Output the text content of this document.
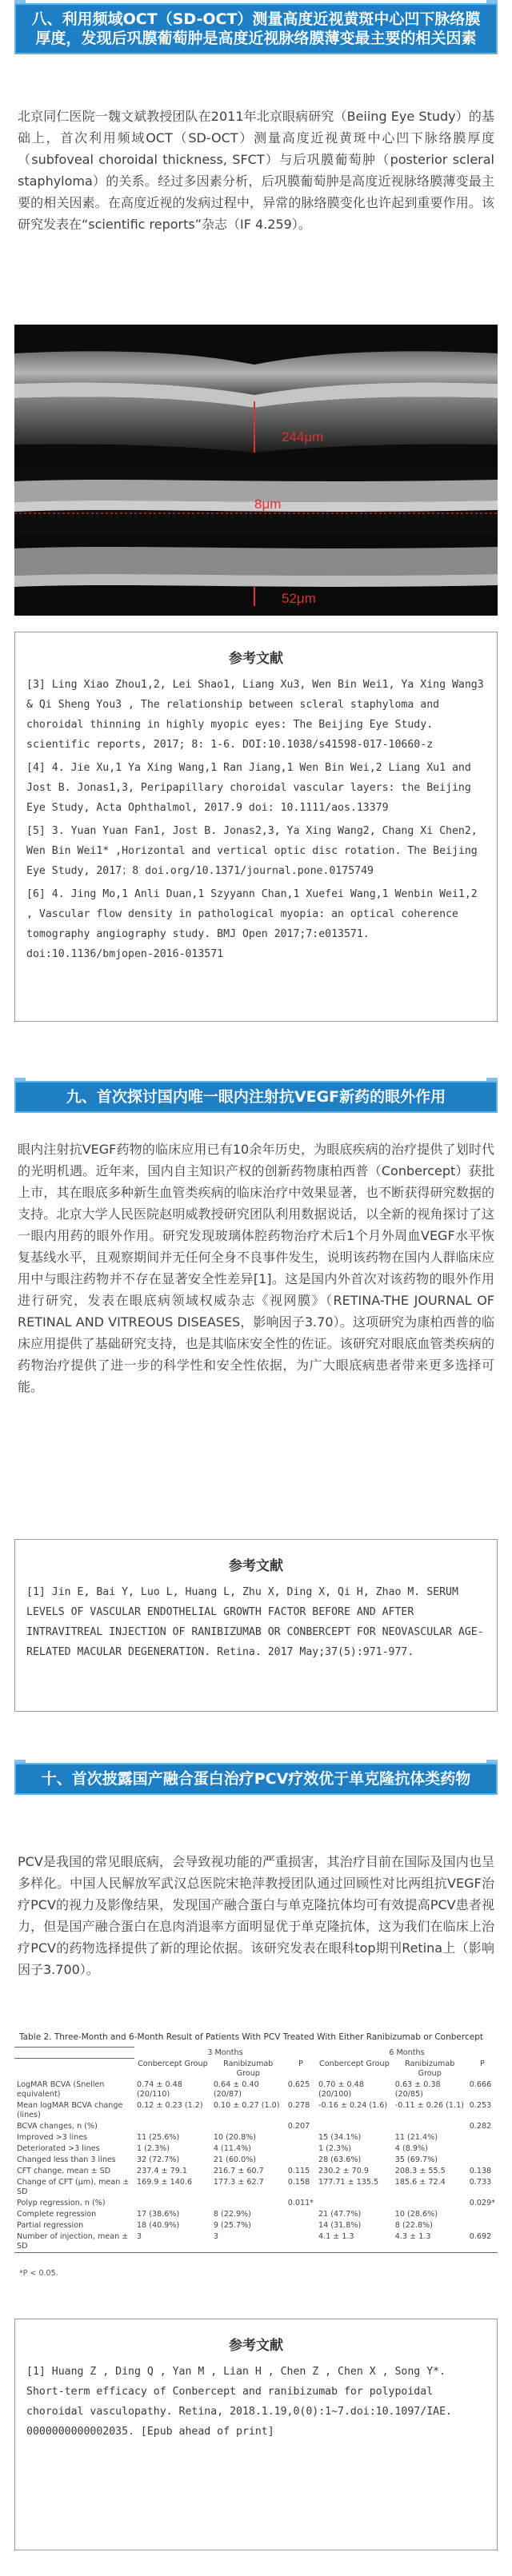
八、利用频域OCT（SD-OCT）测量高度近视黄斑中心凹下脉络膜厚度，发现后巩膜葡萄肿是高度近视脉络膜薄变最主要的相关因素
北京同仁医院一魏文斌教授团队在2011年北京眼病研究（Beiing Eye Study）的基础上，首次利用频域OCT（SD-OCT）测量高度近视黄斑中心凹下脉络膜厚度（subfoveal choroidal thickness, SFCT）与后巩膜葡萄肿（posterior scleral staphyloma）的关系。经过多因素分析，后巩膜葡萄肿是高度近视脉络膜薄变最主要的相关因素。在高度近视的发病过程中，异常的脉络膜变化也许起到重要作用。该研究发表在“scientific reports”杂志（IF 4.259）。
244μm
8μm
52μm
参考文献
[3] Ling Xiao Zhou1,2, Lei Shao1, Liang Xu3, Wen Bin Wei1, Ya Xing Wang3 & Qi Sheng You3 , The relationship between scleral staphyloma and choroidal thinning in highly myopic eyes: The Beijing Eye Study. scientific reports, 2017; 8: 1-6. DOI:10.1038/s41598-017-10660-z
[4] 4. Jie Xu,1 Ya Xing Wang,1 Ran Jiang,1 Wen Bin Wei,2 Liang Xu1 and Jost B. Jonas1,3, Peripapillary choroidal vascular layers: the Beijing Eye Study, Acta Ophthalmol, 2017.9 doi: 10.1111/aos.13379
[5] 3. Yuan Yuan Fan1, Jost B. Jonas2,3, Ya Xing Wang2, Chang Xi Chen2, Wen Bin Wei1* ,Horizontal and vertical optic disc rotation. The Beijing Eye Study, 2017；8 doi.org/10.1371/journal.pone.0175749
[6] 4. Jing Mo,1 Anli Duan,1 Szyyann Chan,1 Xuefei Wang,1 Wenbin Wei1,2 , Vascular flow density in pathological myopia: an optical coherence tomography angiography study. BMJ Open 2017;7:e013571. doi:10.1136/bmjopen-2016-013571
九、首次探讨国内唯一眼内注射抗VEGF新药的眼外作用
眼内注射抗VEGF药物的临床应用已有10余年历史，为眼底疾病的治疗提供了划时代的光明机遇。近年来，国内自主知识产权的创新药物康柏西普（Conbercept）获批上市，其在眼底多种新生血管类疾病的临床治疗中效果显著，也不断获得研究数据的支持。北京大学人民医院赵明威教授研究团队利用数据说话，以全新的视角探讨了这一眼内用药的眼外作用。研究发现玻璃体腔药物治疗术后1个月外周血VEGF水平恢复基线水平，且观察期间并无任何全身不良事件发生，说明该药物在国内人群临床应用中与眼注药物并不存在显著安全性差异[1]。这是国内外首次对该药物的眼外作用进行研究，发表在眼底病领域权威杂志《视网膜》（RETINA-THE JOURNAL OF RETINAL AND VITREOUS DISEASES，影响因子3.70）。这项研究为康柏西普的临床应用提供了基础研究支持，也是其临床安全性的佐证。该研究对眼底血管类疾病的药物治疗提供了进一步的科学性和安全性依据，为广大眼底病患者带来更多选择可能。
参考文献
[1] Jin E, Bai Y, Luo L, Huang L, Zhu X, Ding X, Qi H, Zhao M. SERUM LEVELS OF VASCULAR ENDOTHELIAL GROWTH FACTOR BEFORE AND AFTER INTRAVITREAL INJECTION OF RANIBIZUMAB OR CONBERCEPT FOR NEOVASCULAR AGE-RELATED MACULAR DEGENERATION. Retina. 2017 May;37(5):971-977.
十、首次披露国产融合蛋白治疗PCV疗效优于单克隆抗体类药物
PCV是我国的常见眼底病，会导致视功能的严重损害，其治疗目前在国际及国内也呈多样化。中国人民解放军武汉总医院宋艳萍教授团队通过回顾性对比两组抗VEGF治疗PCV的视力及影像结果，发现国产融合蛋白与单克隆抗体均可有效提高PCV患者视力，但是国产融合蛋白在息肉消退率方面明显优于单克隆抗体，这为我们在临床上治疗PCV的药物选择提供了新的理论依据。该研究发表在眼科top期刊Retina上（影响因子3.700）。
Table 2. Three-Month and 6-Month Result of Patients With PCV Treated With Either Ranibizumab or Conbercept
	3 Months			6 Months		
	Conbercept Group	Ranibizumab Group	P	Conbercept Group	Ranibizumab Group	P
LogMAR BCVA (Snellen equivalent)	0.74 ± 0.48 (20/110)	0.64 ± 0.40 (20/87)	0.625	0.70 ± 0.48 (20/100)	0.63 ± 0.38 (20/85)	0.666
Mean logMAR BCVA change (lines)	0.12 ± 0.23 (1.2)	0.10 ± 0.27 (1.0)	0.278	-0.16 ± 0.24 (1.6)	-0.11 ± 0.26 (1.1)	0.253
BCVA changes, n (%)			0.207			0.282
Improved >3 lines	11 (25.6%)	10 (20.8%)		15 (34.1%)	11 (21.4%)	
Deteriorated >3 lines	1 (2.3%)	4 (11.4%)		1 (2.3%)	4 (8.9%)	
Changed less than 3 lines	32 (72.7%)	21 (60.0%)		28 (63.6%)	35 (69.7%)	
CFT change, mean ± SD	237.4 ± 79.1	216.7 ± 60.7	0.115	230.2 ± 70.9	208.3 ± 55.5	0.138
Change of CFT (μm), mean ± SD	169.9 ± 140.6	177.3 ± 62.7	0.158	177.71 ± 135.5	185.6 ± 72.4	0.733
Polyp regression, n (%)			0.011*			0.029*
Complete regression	17 (38.6%)	8 (22.9%)		21 (47.7%)	10 (28.6%)	
Partial regression	18 (40.9%)	9 (25.7%)		14 (31.8%)	8 (22.8%)	
Number of injection, mean ± SD	3	3		4.1 ± 1.3	4.3 ± 1.3	0.692
*P < 0.05.
参考文献
[1] Huang Z , Ding Q , Yan M , Lian H , Chen Z , Chen X , Song Y*. Short-term efficacy of Conbercept and ranibizumab for polypoidal choroidal vasculopathy. Retina, 2018.1.19,0(0):1~7.doi:10.1097/IAE. 0000000000002035. [Epub ahead of print]
